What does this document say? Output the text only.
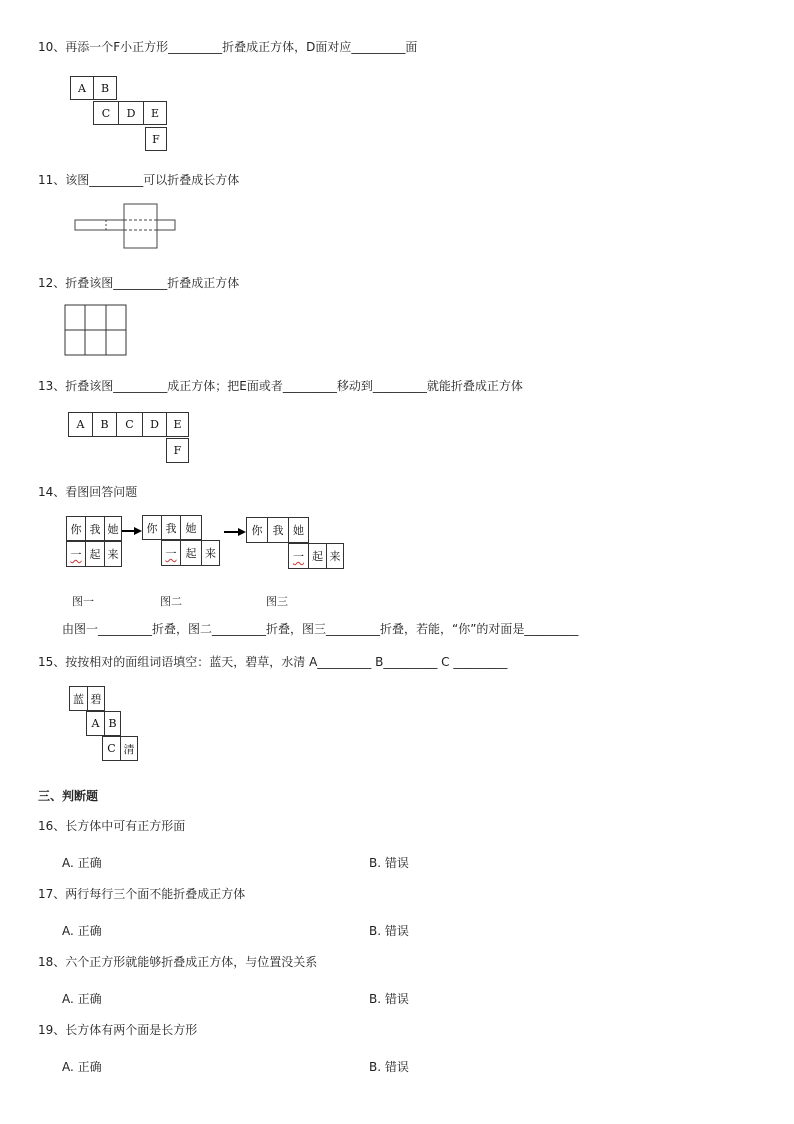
10、再添一个F小正方形_________折叠成正方体，D面对应_________面
A	B
C	D	E
F
11、该图_________可以折叠成长方体
12、折叠该图_________折叠成正方体
13、折叠该图_________成正方体；把E面或者_________移动到_________就能折叠成正方体
A	B	C	D	E
F
14、看图回答问题
你 我 她
一 起 来
你 我 她
一 起 来
你 我 她
一 起 来
图一	图二	图三
由图一_________折叠，图二_________折叠，图三_________折叠，若能，“你”的对面是_________
15、按按相对的面组词语填空：蓝天，碧草，水清 A_________ B_________ C _________
蓝 碧
A B
C 清
三、判断题
16、长方体中可有正方形面
A. 正确	B. 错误
17、两行每行三个面不能折叠成正方体
A. 正确	B. 错误
18、六个正方形就能够折叠成正方体，与位置没关系
A. 正确	B. 错误
19、长方体有两个面是长方形
A. 正确	B. 错误
